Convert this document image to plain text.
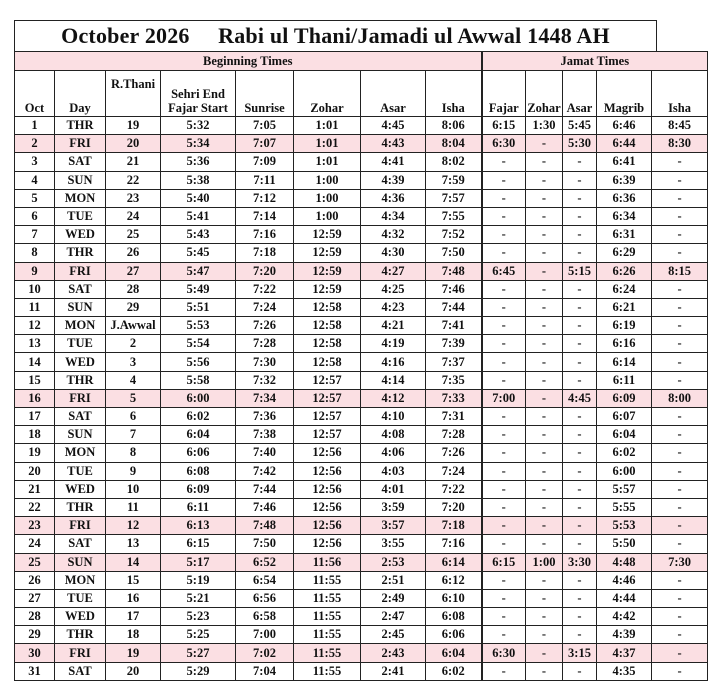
October 2026     Rabi ul Thani/Jamadi ul Awwal 1448 AH
Beginning Times								Jamat Times				
Oct	Day	R.Thani	Sehri End
Fajar Start	Sunrise	Zohar	Asar	Isha	Fajar	Zohar	Asar	Magrib	Isha
1	THR	19	5:32	7:05	1:01	4:45	8:06	6:15	1:30	5:45	6:46	8:45
2	FRI	20	5:34	7:07	1:01	4:43	8:04	6:30	-	5:30	6:44	8:30
3	SAT	21	5:36	7:09	1:01	4:41	8:02	-	-	-	6:41	-
4	SUN	22	5:38	7:11	1:00	4:39	7:59	-	-	-	6:39	-
5	MON	23	5:40	7:12	1:00	4:36	7:57	-	-	-	6:36	-
6	TUE	24	5:41	7:14	1:00	4:34	7:55	-	-	-	6:34	-
7	WED	25	5:43	7:16	12:59	4:32	7:52	-	-	-	6:31	-
8	THR	26	5:45	7:18	12:59	4:30	7:50	-	-	-	6:29	-
9	FRI	27	5:47	7:20	12:59	4:27	7:48	6:45	-	5:15	6:26	8:15
10	SAT	28	5:49	7:22	12:59	4:25	7:46	-	-	-	6:24	-
11	SUN	29	5:51	7:24	12:58	4:23	7:44	-	-	-	6:21	-
12	MON	J.Awwal	5:53	7:26	12:58	4:21	7:41	-	-	-	6:19	-
13	TUE	2	5:54	7:28	12:58	4:19	7:39	-	-	-	6:16	-
14	WED	3	5:56	7:30	12:58	4:16	7:37	-	-	-	6:14	-
15	THR	4	5:58	7:32	12:57	4:14	7:35	-	-	-	6:11	-
16	FRI	5	6:00	7:34	12:57	4:12	7:33	7:00	-	4:45	6:09	8:00
17	SAT	6	6:02	7:36	12:57	4:10	7:31	-	-	-	6:07	-
18	SUN	7	6:04	7:38	12:57	4:08	7:28	-	-	-	6:04	-
19	MON	8	6:06	7:40	12:56	4:06	7:26	-	-	-	6:02	-
20	TUE	9	6:08	7:42	12:56	4:03	7:24	-	-	-	6:00	-
21	WED	10	6:09	7:44	12:56	4:01	7:22	-	-	-	5:57	-
22	THR	11	6:11	7:46	12:56	3:59	7:20	-	-	-	5:55	-
23	FRI	12	6:13	7:48	12:56	3:57	7:18	-	-	-	5:53	-
24	SAT	13	6:15	7:50	12:56	3:55	7:16	-	-	-	5:50	-
25	SUN	14	5:17	6:52	11:56	2:53	6:14	6:15	1:00	3:30	4:48	7:30
26	MON	15	5:19	6:54	11:55	2:51	6:12	-	-	-	4:46	-
27	TUE	16	5:21	6:56	11:55	2:49	6:10	-	-	-	4:44	-
28	WED	17	5:23	6:58	11:55	2:47	6:08	-	-	-	4:42	-
29	THR	18	5:25	7:00	11:55	2:45	6:06	-	-	-	4:39	-
30	FRI	19	5:27	7:02	11:55	2:43	6:04	6:30	-	3:15	4:37	-
31	SAT	20	5:29	7:04	11:55	2:41	6:02	-	-	-	4:35	-
